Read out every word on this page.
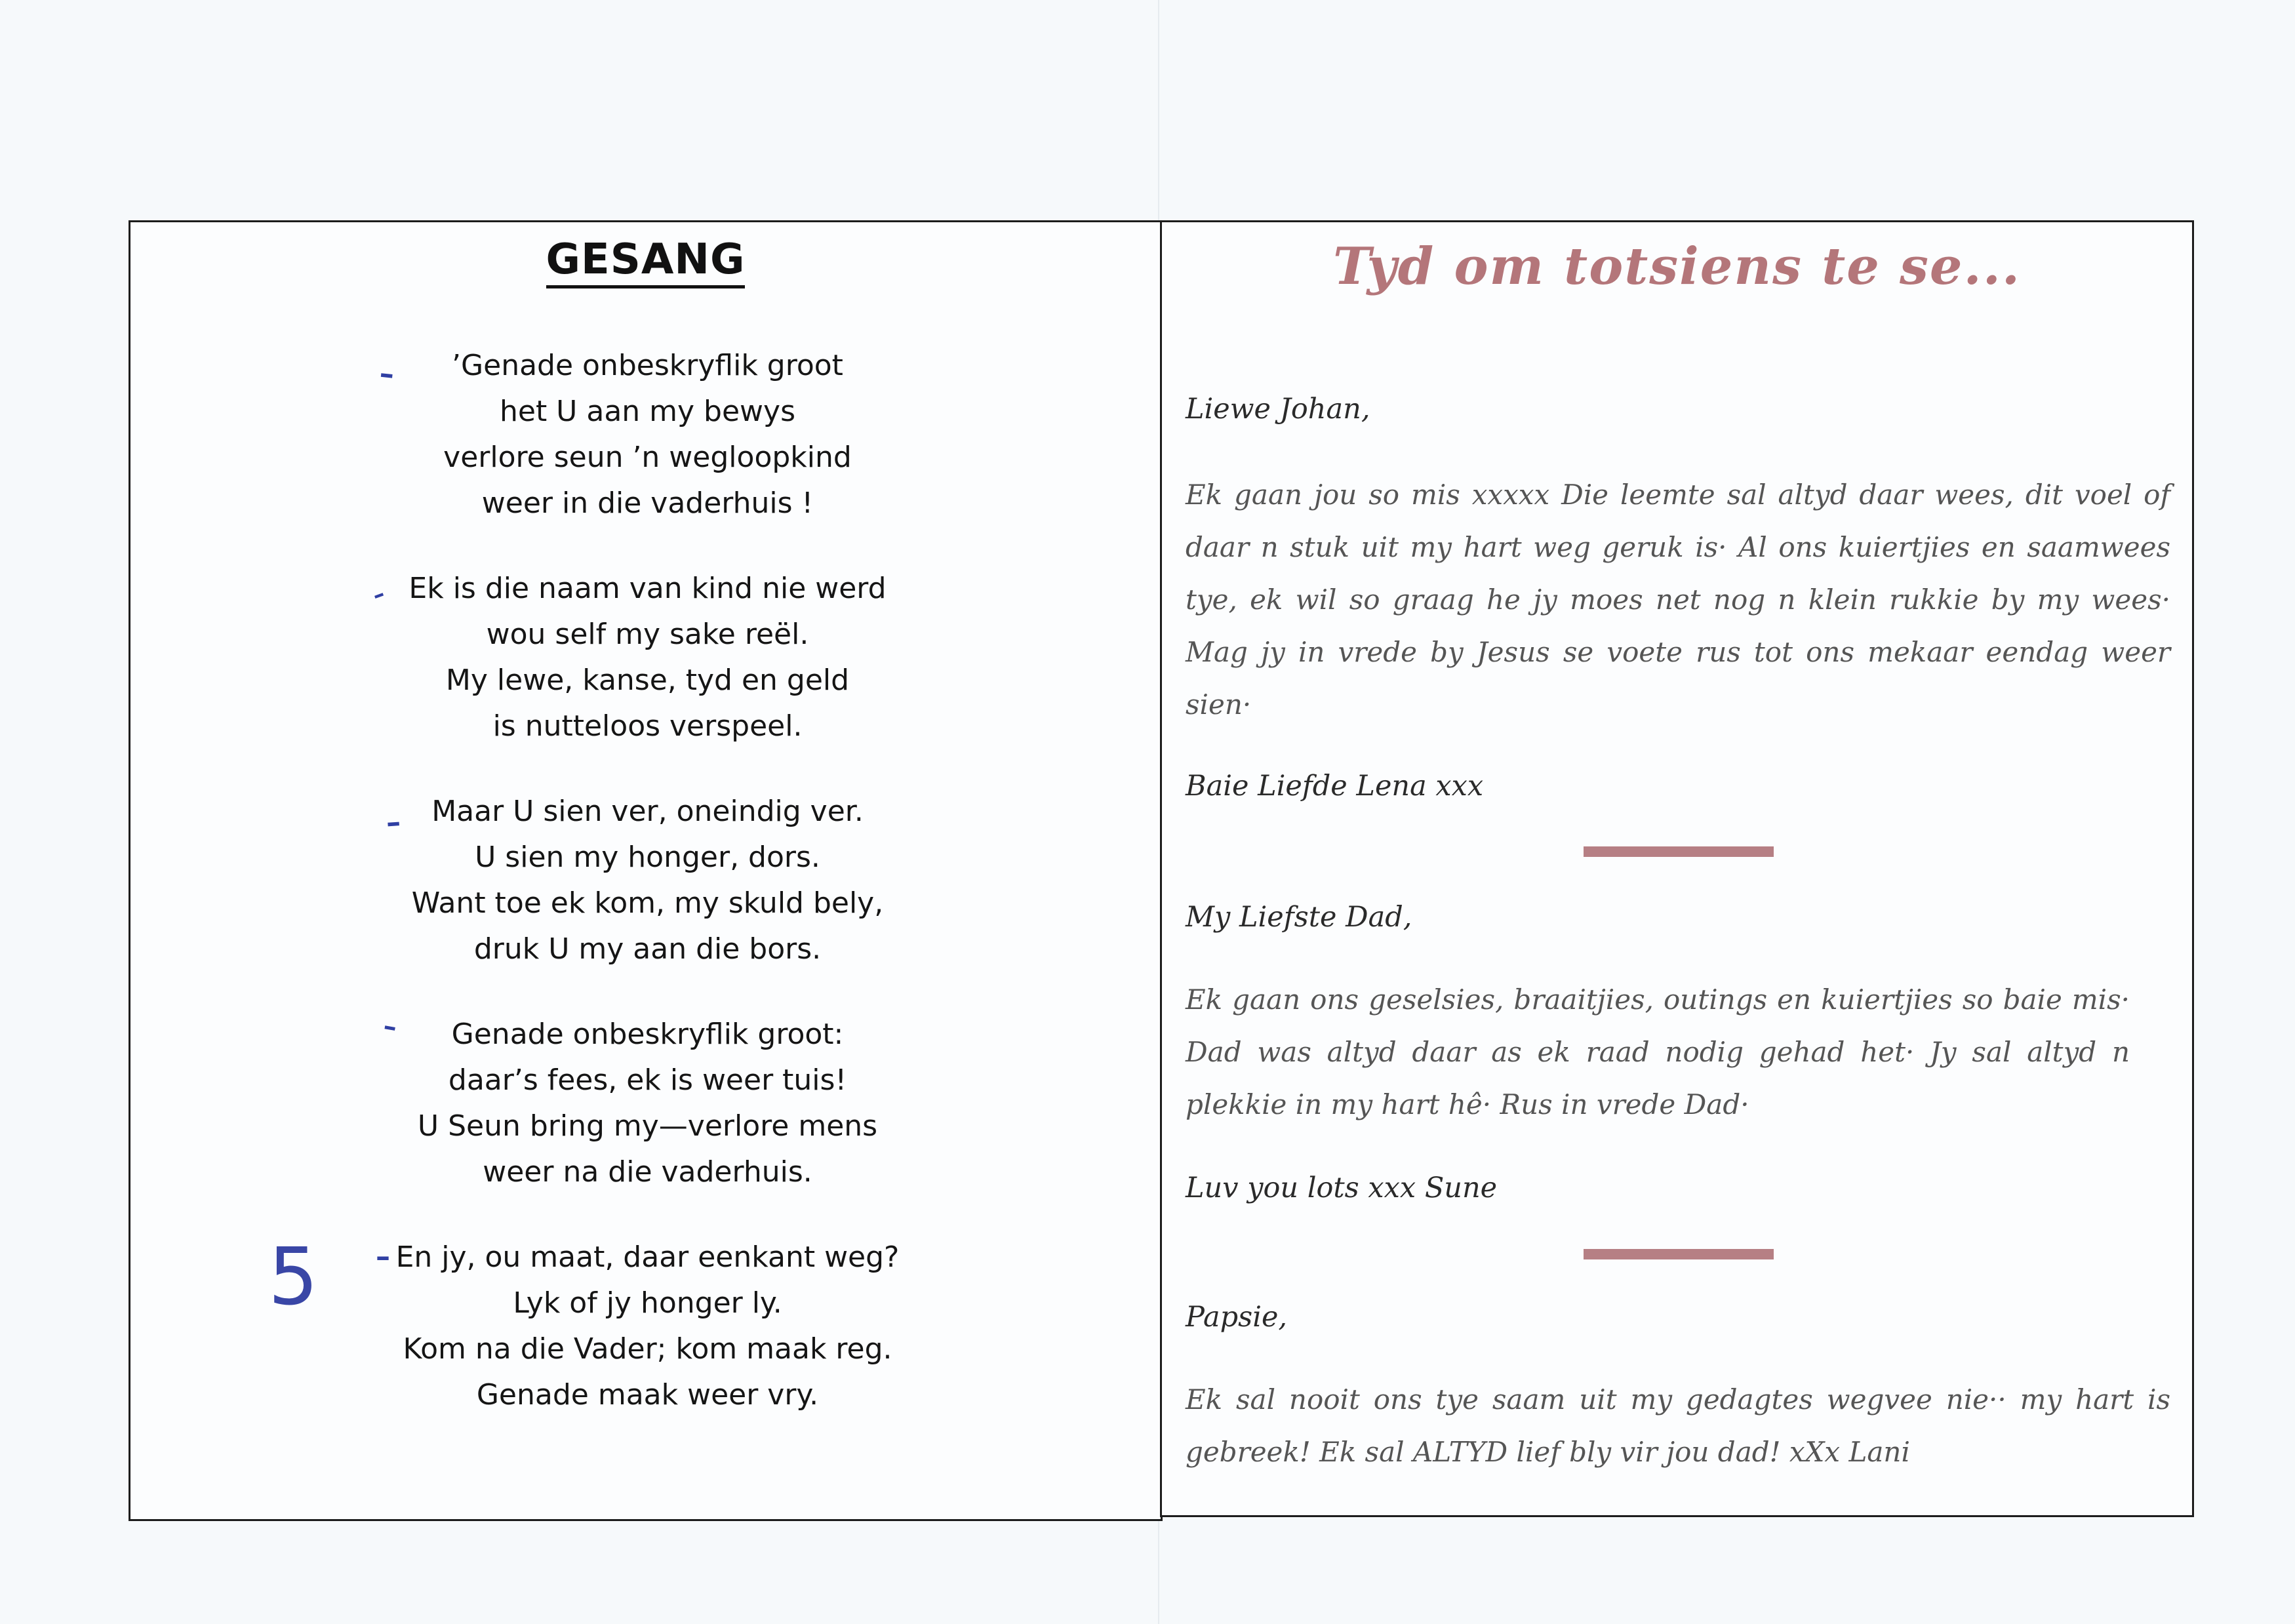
GESANG
’Genade onbeskryflik groot
het U aan my bewys
verlore seun ’n wegloopkind
weer in die vaderhuis !
Ek is die naam van kind nie werd
wou self my sake reël.
My lewe, kanse, tyd en geld
is nutteloos verspeel.
Maar U sien ver, oneindig ver.
U sien my honger, dors.
Want toe ek kom, my skuld bely,
druk U my aan die bors.
Genade onbeskryflik groot:
daar’s fees, ek is weer tuis!
U Seun bring my—verlore mens
weer na die vaderhuis.
En jy, ou maat, daar eenkant weg?
Lyk of jy honger ly.
Kom na die Vader; kom maak reg.
Genade maak weer vry.
–
–
–
–
–
5
Tyd om totsiens te se...
Liewe Johan,
Ek gaan jou so mis xxxxx Die leemte sal altyd daar wees, dit voel of daar n stuk uit my hart weg geruk is· Al ons kuiertjies en saamwees tye, ek wil so graag he jy moes net nog n klein rukkie by my wees· Mag jy in vrede by Jesus se voete rus tot ons mekaar eendag weer sien·
Baie Liefde Lena xxx
My Liefste Dad,
Ek gaan ons geselsies, braaitjies, outings en kuiertjies so baie mis· Dad was altyd daar as ek raad nodig gehad het· Jy sal altyd n plekkie in my hart hê· Rus in vrede Dad·
Luv you lots xxx Sune
Papsie,
Ek sal nooit ons tye saam uit my gedagtes wegvee nie·· my hart is gebreek! Ek sal ALTYD lief bly vir jou dad! xXx Lani
